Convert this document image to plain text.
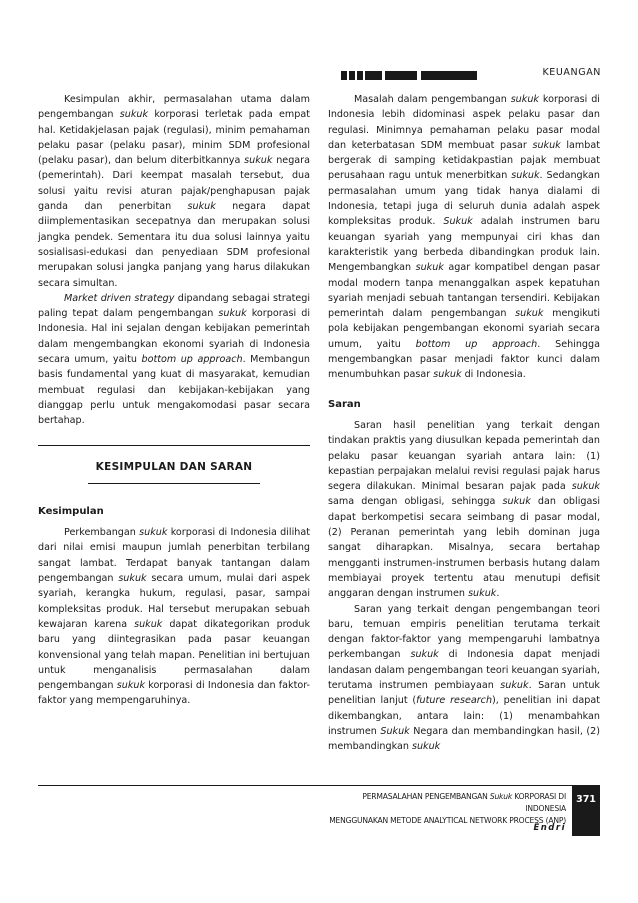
KEUANGAN

Kesimpulan akhir, permasalahan utama dalam pengembangan sukuk korporasi terletak pada empat hal. Ketidakjelasan pajak (regulasi), minim pemahaman pelaku pasar (pelaku pasar), minim SDM profesional (pelaku pasar), dan belum diterbitkannya sukuk negara (pemerintah). Dari keempat masalah tersebut, dua solusi yaitu revisi aturan pajak/penghapusan pajak ganda dan penerbitan sukuk negara dapat diimplementasikan secepatnya dan merupakan solusi jangka pendek. Sementara itu dua solusi lainnya yaitu sosialisasi-edukasi dan penyediaan SDM profesional merupakan solusi jangka panjang yang harus dilakukan secara simultan.

Market driven strategy dipandang sebagai strategi paling tepat dalam pengembangan sukuk korporasi di Indonesia. Hal ini sejalan dengan kebijakan pemerintah dalam mengembangkan ekonomi syariah di Indonesia secara umum, yaitu bottom up approach. Membangun basis fundamental yang kuat di masyarakat, kemudian membuat regulasi dan kebijakan-kebijakan yang dianggap perlu untuk mengakomodasi pasar secara bertahap.

KESIMPULAN DAN SARAN
Kesimpulan

Perkembangan sukuk korporasi di Indonesia dilihat dari nilai emisi maupun jumlah penerbitan terbilang sangat lambat. Terdapat banyak tantangan dalam pengembangan sukuk secara umum, mulai dari aspek syariah, kerangka hukum, regulasi, pasar, sampai kompleksitas produk. Hal tersebut merupakan sebuah kewajaran karena sukuk dapat dikategorikan produk baru yang diintegrasikan pada pasar keuangan konvensional yang telah mapan. Penelitian ini bertujuan untuk menganalisis permasalahan dalam pengembangan sukuk korporasi di Indonesia dan faktor-faktor yang mempengaruhinya.

Masalah dalam pengembangan sukuk korporasi di Indonesia lebih didominasi aspek pelaku pasar dan regulasi. Minimnya pemahaman pelaku pasar modal dan keterbatasan SDM membuat pasar sukuk lambat bergerak di samping ketidakpastian pajak membuat perusahaan ragu untuk menerbitkan sukuk. Sedangkan permasalahan umum yang tidak hanya dialami di Indonesia, tetapi juga di seluruh dunia adalah aspek kompleksitas produk. Sukuk adalah instrumen baru keuangan syariah yang mempunyai ciri khas dan karakteristik yang berbeda dibandingkan produk lain. Mengembangkan sukuk agar kompatibel dengan pasar modal modern tanpa menanggalkan aspek kepatuhan syariah menjadi sebuah tantangan tersendiri. Kebijakan pemerintah dalam pengembangan sukuk mengikuti pola kebijakan pengembangan ekonomi syariah secara umum, yaitu bottom up approach. Sehingga mengembangkan pasar menjadi faktor kunci dalam menumbuhkan pasar sukuk di Indonesia.

Saran

Saran hasil penelitian yang terkait dengan tindakan praktis yang diusulkan kepada pemerintah dan pelaku pasar keuangan syariah antara lain: (1) kepastian perpajakan melalui revisi regulasi pajak harus segera dilakukan. Minimal besaran pajak pada sukuk sama dengan obligasi, sehingga sukuk dan obligasi dapat berkompetisi secara seimbang di pasar modal, (2) Peranan pemerintah yang lebih dominan juga sangat diharapkan. Misalnya, secara bertahap mengganti instrumen-instrumen berbasis hutang dalam membiayai proyek tertentu atau menutupi defisit anggaran dengan instrumen sukuk.

Saran yang terkait dengan pengembangan teori baru, temuan empiris penelitian terutama terkait dengan faktor-faktor yang mempengaruhi lambatnya perkembangan sukuk di Indonesia dapat menjadi landasan dalam pengembangan teori keuangan syariah, terutama instrumen pembiayaan sukuk. Saran untuk penelitian lanjut (future research), penelitian ini dapat dikembangkan, antara lain: (1) menambahkan instrumen Sukuk Negara dan membandingkan hasil, (2) membandingkan sukuk

PERMASALAHAN PENGEMBANGAN Sukuk KORPORASI DI INDONESIA
MENGGUNAKAN METODE ANALYTICAL NETWORK PROCESS (ANP)
Endri
371
